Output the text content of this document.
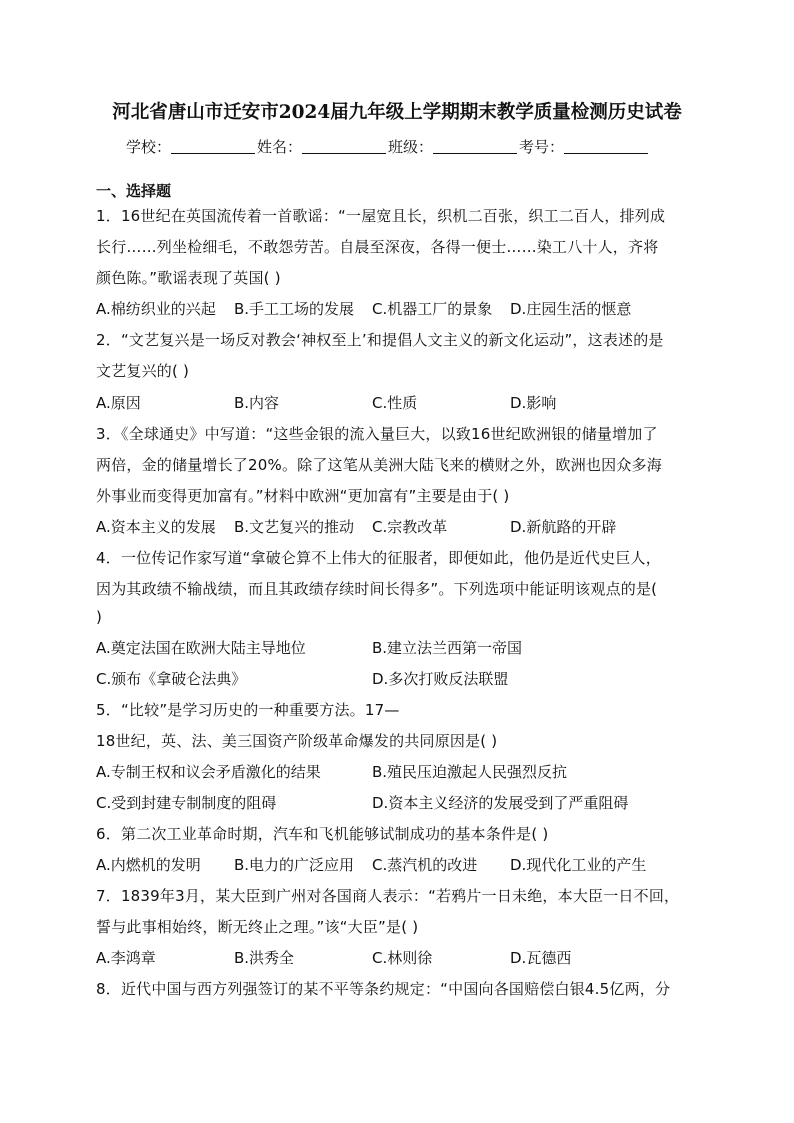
河北省唐山市迁安市2024届九年级上学期期末教学质量检测历史试卷
学校：	姓名：	班级：	考号：
一、选择题
1．16世纪在英国流传着一首歌谣：“一屋宽且长，织机二百张，织工二百人，排列成
长行……列坐检细毛，不敢怨劳苦。自晨至深夜，各得一便士……染工八十人，齐将
颜色陈。”歌谣表现了英国( )
A.棉纺织业的兴起 B.手工工场的发展 C.机器工厂的景象 D.庄园生活的惬意
2．“文艺复兴是一场反对教会‘神权至上’和提倡人文主义的新文化运动”，这表述的是
文艺复兴的( )
A.原因	B.内容	C.性质	D.影响
3．《全球通史》中写道：“这些金银的流入量巨大，以致16世纪欧洲银的储量增加了
两倍，金的储量增长了20%。除了这笔从美洲大陆飞来的横财之外，欧洲也因众多海
外事业而变得更加富有。”材料中欧洲“更加富有”主要是由于( )
A.资本主义的发展 B.文艺复兴的推动 C.宗教改革	D.新航路的开辟
4．一位传记作家写道“拿破仑算不上伟大的征服者，即便如此，他仍是近代史巨人，
因为其政绩不输战绩，而且其政绩存续时间长得多”。下列选项中能证明该观点的是(
)
A.奠定法国在欧洲大陆主导地位	B.建立法兰西第一帝国
C.颁布《拿破仑法典》	D.多次打败反法联盟
5．“比较”是学习历史的一种重要方法。17—
18世纪，英、法、美三国资产阶级革命爆发的共同原因是( )
A.专制王权和议会矛盾激化的结果	B.殖民压迫激起人民强烈反抗
C.受到封建专制制度的阻碍	D.资本主义经济的发展受到了严重阻碍
6．第二次工业革命时期，汽车和飞机能够试制成功的基本条件是( )
A.内燃机的发明 B.电力的广泛应用 C.蒸汽机的改进 D.现代化工业的产生
7．1839年3月，某大臣到广州对各国商人表示：“若鸦片一日未绝，本大臣一日不回，
誓与此事相始终，断无终止之理。”该“大臣”是( )
A.李鸿章	B.洪秀全	C.林则徐	D.瓦德西
8．近代中国与西方列强签订的某不平等条约规定：“中国向各国赔偿白银4.5亿两，分
